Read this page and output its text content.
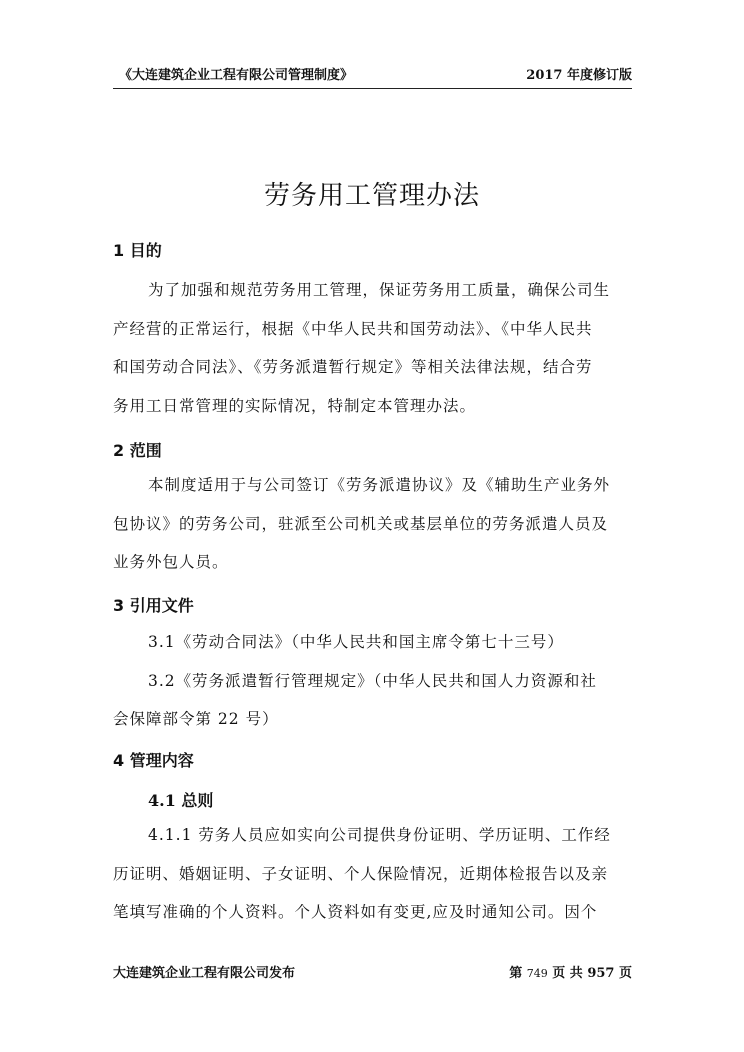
《大连建筑企业工程有限公司管理制度》	2017 年度修订版
劳务用工管理办法
1 目的
为了加强和规范劳务用工管理，保证劳务用工质量，确保公司生
产经营的正常运行，根据《中华人民共和国劳动法》、《中华人民共
和国劳动合同法》、《劳务派遣暂行规定》等相关法律法规，结合劳
务用工日常管理的实际情况，特制定本管理办法。
2 范围
本制度适用于与公司签订《劳务派遣协议》及《辅助生产业务外
包协议》的劳务公司，驻派至公司机关或基层单位的劳务派遣人员及
业务外包人员。
3 引用文件
3.1《劳动合同法》（中华人民共和国主席令第七十三号）
3.2《劳务派遣暂行管理规定》（中华人民共和国人力资源和社
会保障部令第 22 号）
4 管理内容
4.1 总则
4.1.1 劳务人员应如实向公司提供身份证明、学历证明、工作经
历证明、婚姻证明、子女证明、个人保险情况，近期体检报告以及亲
笔填写准确的个人资料。个人资料如有变更,应及时通知公司。因个
大连建筑企业工程有限公司发布	第 749 页 共 957 页
